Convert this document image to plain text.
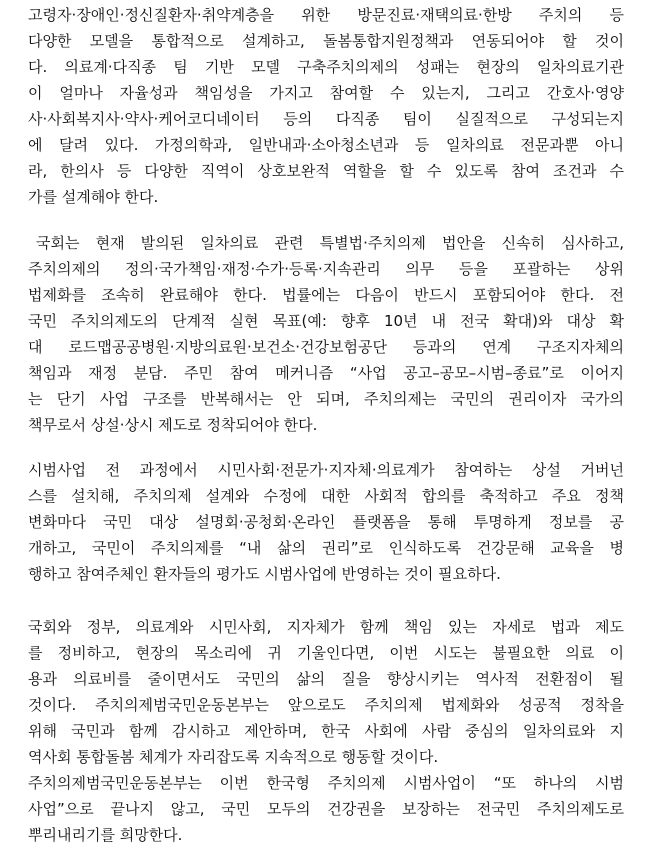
고령자·장애인·정신질환자·취약계층을 위한 방문진료·재택의료·한방 주치의 등
다양한 모델을 통합적으로 설계하고, 돌봄통합지원정책과 연동되어야 할 것이
다. 의료계·다직종 팀 기반 모델 구축주치의제의 성패는 현장의 일차의료기관
이 얼마나 자율성과 책임성을 가지고 참여할 수 있는지, 그리고 간호사·영양
사·사회복지사·약사·케어코디네이터 등의 다직종 팀이 실질적으로 구성되는지
에 달려 있다. 가정의학과, 일반내과·소아청소년과 등 일차의료 전문과뿐 아니
라, 한의사 등 다양한 직역이 상호보완적 역할을 할 수 있도록 참여 조건과 수
가를 설계해야 한다.
국회는 현재 발의된 일차의료 관련 특별법·주치의제 법안을 신속히 심사하고,
주치의제의 정의·국가책임·재정·수가·등록·지속관리 의무 등을 포괄하는 상위
법제화를 조속히 완료해야 한다. 법률에는 다음이 반드시 포함되어야 한다. 전
국민 주치의제도의 단계적 실현 목표(예: 향후 10년 내 전국 확대)와 대상 확
대 로드맵공공병원·지방의료원·보건소·건강보험공단 등과의 연계 구조지자체의
책임과 재정 분담. 주민 참여 메커니즘 “사업 공고–공모–시범–종료”로 이어지
는 단기 사업 구조를 반복해서는 안 되며, 주치의제는 국민의 권리이자 국가의
책무로서 상설·상시 제도로 정착되어야 한다.
시범사업 전 과정에서 시민사회·전문가·지자체·의료계가 참여하는 상설 거버넌
스를 설치해, 주치의제 설계와 수정에 대한 사회적 합의를 축적하고 주요 정책
변화마다 국민 대상 설명회·공청회·온라인 플랫폼을 통해 투명하게 정보를 공
개하고, 국민이 주치의제를 “내 삶의 권리”로 인식하도록 건강문해 교육을 병
행하고 참여주체인 환자들의 평가도 시범사업에 반영하는 것이 필요하다.
국회와 정부, 의료계와 시민사회, 지자체가 함께 책임 있는 자세로 법과 제도
를 정비하고, 현장의 목소리에 귀 기울인다면, 이번 시도는 불필요한 의료 이
용과 의료비를 줄이면서도 국민의 삶의 질을 향상시키는 역사적 전환점이 될
것이다. 주치의제범국민운동본부는 앞으로도 주치의제 법제화와 성공적 정착을
위해 국민과 함께 감시하고 제안하며, 한국 사회에 사람 중심의 일차의료와 지
역사회 통합돌봄 체계가 자리잡도록 지속적으로 행동할 것이다.
주치의제범국민운동본부는 이번 한국형 주치의제 시범사업이 “또 하나의 시범
사업”으로 끝나지 않고, 국민 모두의 건강권을 보장하는 전국민 주치의제도로
뿌리내리기를 희망한다.
